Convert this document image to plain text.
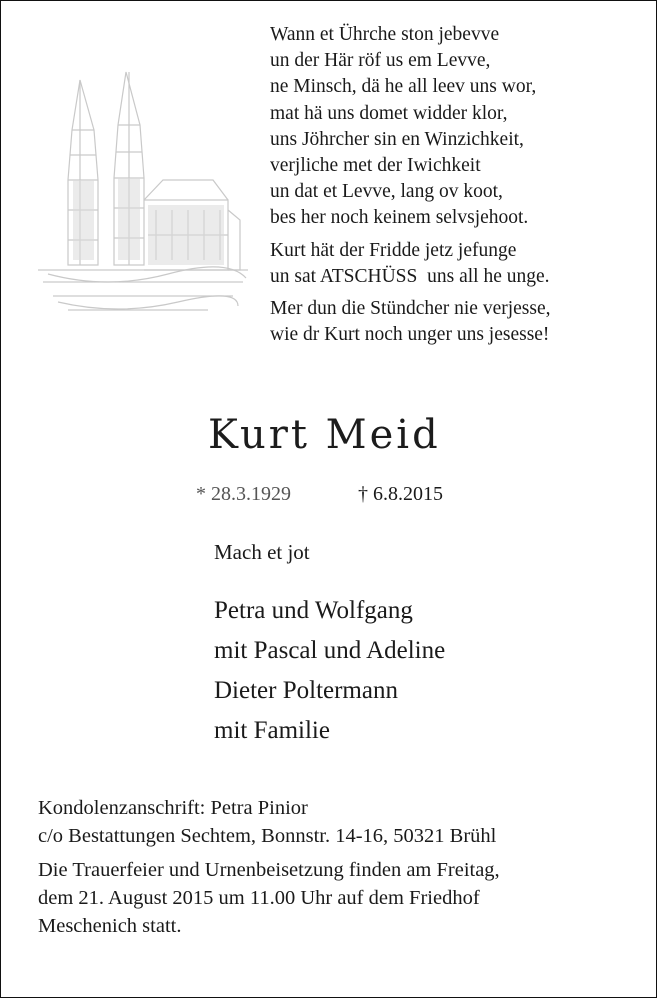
Wann et Ührche ston jebevve
un der Här röf us em Levve,
ne Minsch, dä he all leev uns wor,
mat hä uns domet widder klor,
uns Jöhrcher sin en Winzichkeit,
verjliche met der Iwichkeit
un dat et Levve, lang ov koot,
bes her noch keinem selvsjehoot.
Kurt hät der Fridde jetz jefunge
un sat ATSCHÜSS  uns all he unge.
Mer dun die Stündcher nie verjesse,
wie dr Kurt noch unger uns jesesse!
Kurt Meid
* 28.3.1929	† 6.8.2015
Mach et jot
Petra und Wolfgang
mit Pascal und Adeline
Dieter Poltermann
mit Familie
Kondolenzanschrift: Petra Pinior
c/o Bestattungen Sechtem, Bonnstr. 14-16, 50321 Brühl
Die Trauerfeier und Urnenbeisetzung finden am Freitag,
dem 21. August 2015 um 11.00 Uhr auf dem Friedhof
Meschenich statt.
